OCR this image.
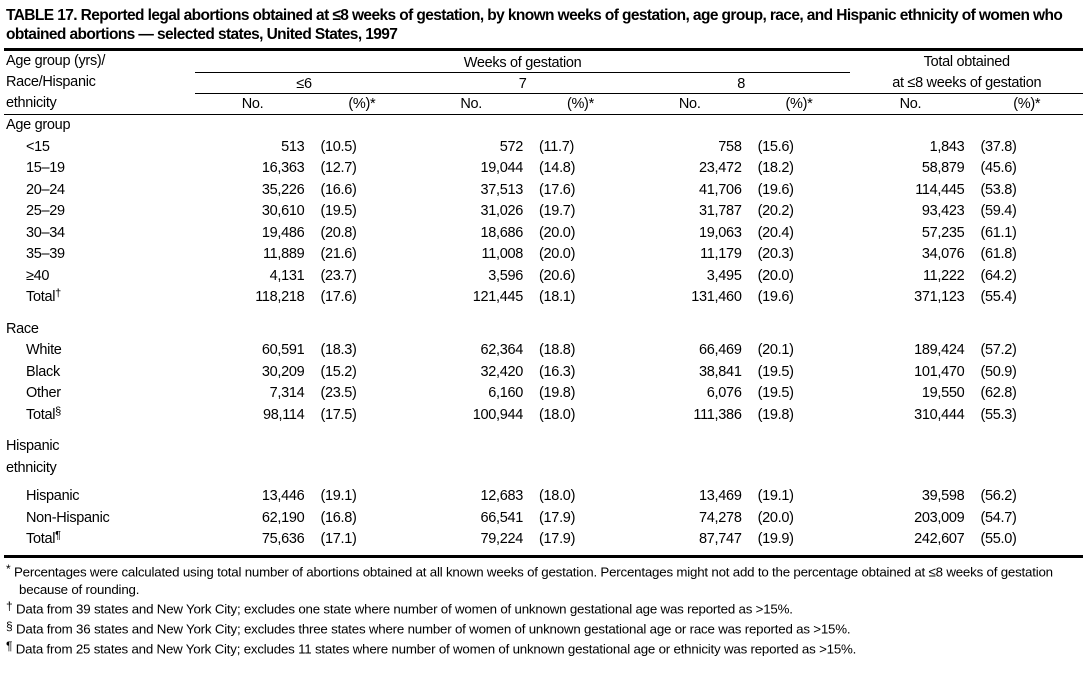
TABLE 17. Reported legal abortions obtained at ≤8 weeks of gestation, by known weeks of gestation, age group, race, and Hispanic ethnicity of women who obtained abortions — selected states, United States, 1997
Age group (yrs)/	Weeks of gestation						Total obtained	
Race/Hispanic	≤6		7		8		at ≤8 weeks of gestation	
ethnicity	No.	(%)*	No.	(%)*	No.	(%)*	No.	(%)*
Age group								
<15	513	(10.5)	572	(11.7)	758	(15.6)	1,843	(37.8)
15–19	16,363	(12.7)	19,044	(14.8)	23,472	(18.2)	58,879	(45.6)
20–24	35,226	(16.6)	37,513	(17.6)	41,706	(19.6)	114,445	(53.8)
25–29	30,610	(19.5)	31,026	(19.7)	31,787	(20.2)	93,423	(59.4)
30–34	19,486	(20.8)	18,686	(20.0)	19,063	(20.4)	57,235	(61.1)
35–39	11,889	(21.6)	11,008	(20.0)	11,179	(20.3)	34,076	(61.8)
≥40	4,131	(23.7)	3,596	(20.6)	3,495	(20.0)	11,222	(64.2)
Total†	118,218	(17.6)	121,445	(18.1)	131,460	(19.6)	371,123	(55.4)

Race								
White	60,591	(18.3)	62,364	(18.8)	66,469	(20.1)	189,424	(57.2)
Black	30,209	(15.2)	32,420	(16.3)	38,841	(19.5)	101,470	(50.9)
Other	7,314	(23.5)	6,160	(19.8)	6,076	(19.5)	19,550	(62.8)
Total§	98,114	(17.5)	100,944	(18.0)	111,386	(19.8)	310,444	(55.3)

Hispanic								
ethnicity								

Hispanic	13,446	(19.1)	12,683	(18.0)	13,469	(19.1)	39,598	(56.2)
Non-Hispanic	62,190	(16.8)	66,541	(17.9)	74,278	(20.0)	203,009	(54.7)
Total¶	75,636	(17.1)	79,224	(17.9)	87,747	(19.9)	242,607	(55.0)
* Percentages were calculated using total number of abortions obtained at all known weeks of gestation. Percentages might not add to the percentage obtained at ≤8 weeks of gestation because of rounding.
† Data from 39 states and New York City; excludes one state where number of women of unknown gestational age was reported as >15%.
§ Data from 36 states and New York City; excludes three states where number of women of unknown gestational age or race was reported as >15%.
¶ Data from 25 states and New York City; excludes 11 states where number of women of unknown gestational age or ethnicity was reported as >15%.
